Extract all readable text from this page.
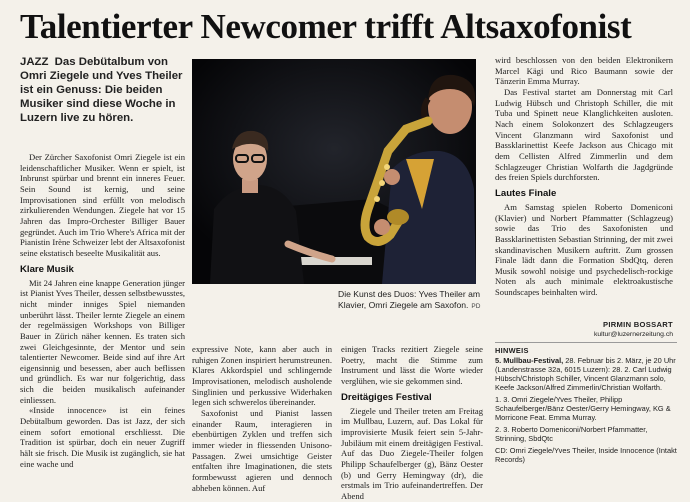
Talentierter Newcomer trifft Altsaxofonist
JAZZ Das Debütalbum von Omri Ziegele und Yves Theiler ist ein Genuss: Die beiden Musiker sind diese Woche in Luzern live zu hören.

Der Zürcher Saxofonist Omri Ziegele ist ein leidenschaftlicher Musiker. Wenn er spielt, ist Inbrunst spürbar und brennt ein inneres Feuer. Sein Sound ist kernig, und seine Improvisationen sind erfüllt von melodisch zirkulierenden Wendungen. Ziegele hat vor 15 Jahren das Impro-Orchester Billiger Bauer gegründet. Auch im Trio Where's Africa mit der Pianistin Irène Schweizer lebt der Altsaxofonist seine ekstatisch beseelte Musikalität aus.

Klare Musik

Mit 24 Jahren eine knappe Generation jünger ist Pianist Yves Theiler, dessen selbstbewusstes, nicht minder inniges Spiel niemanden unberührt lässt. Theiler lernte Ziegele an einem der regelmässigen Workshops von Billiger Bauer in Zürich näher kennen. Es traten sich zwei Gleichgesinnte, der Mentor und sein talentierter Newcomer. Beide sind auf ihre Art eigensinnig und besessen, aber auch beflissen und gründlich. Es war nur folgerichtig, dass sich die beiden musikalisch aufeinander einliessen.

«Inside innocence» ist ein feines Debütalbum geworden. Das ist Jazz, der sich einem sofort emotional erschliesst. Die Tradition ist spürbar, doch ein neuer Zugriff hält sie frisch. Die Musik ist zugänglich, sie hat eine wache und

Die Kunst des Duos: Yves Theiler am Klavier, Omri Ziegele am Saxofon. PD

expressive Note, kann aber auch in ruhigen Zonen inspiriert herumstreunen. Klares Akkordspiel und schlingernde Improvisationen, melodisch ausholende Singlinien und perkussive Widerhaken legen sich schwerelos übereinander.

Saxofonist und Pianist lassen einander Raum, interagieren in ebenbürtigen Zyklen und treffen sich immer wieder in fliessenden Unisono-Passagen. Zwei umsichtige Geister entfalten ihre Imaginationen, die stets formbewusst agieren und dennoch abheben können. Auf

einigen Tracks rezitiert Ziegele seine Poetry, macht die Stimme zum Instrument und lässt die Worte wieder verglühen, wie sie gekommen sind.

Dreitägiges Festival

Ziegele und Theiler treten am Freitag im Mullbau, Luzern, auf. Das Lokal für improvisierte Musik feiert sein 5-Jahr-Jubiläum mit einem dreitägigen Festival. Auf das Duo Ziegele-Theiler folgen Philipp Schaufelberger (g), Bänz Oester (b) und Gerry Hemingway (dr), die erstmals im Trio aufeinandertreffen. Der Abend

wird beschlossen von den beiden Elektronikern Marcel Kägi und Rico Baumann sowie der Tänzerin Emma Murray.

Das Festival startet am Donnerstag mit Carl Ludwig Hübsch und Christoph Schiller, die mit Tuba und Spinett neue Klanglichkeiten ausloten. Nach einem Solokonzert des Schlagzeugers Vincent Glanzmann wird Saxofonist und Bassklarinettist Keefe Jackson aus Chicago mit dem Cellisten Alfred Zimmerlin und dem Schlagzeuger Christian Wolfarth die Jagdgründe des freien Spiels durchforsten.

Lautes Finale

Am Samstag spielen Roberto Domeniconi (Klavier) und Norbert Pfammatter (Schlagzeug) sowie das Trio des Saxofonisten und Bassklarinettisten Sebastian Strinning, der mit zwei skandinavischen Musikern auftritt. Zum grossen Finale lädt dann die Formation SbdQtq, deren Musik sowohl noisige und psychedelisch-rockige Noten als auch minimale elektroakustische Soundscapes beinhalten wird.

PIRMIN BOSSART
kultur@luzernerzeitung.ch
HINWEIS

5. Mullbau-Festival, 28. Februar bis 2. März, je 20 Uhr (Landenstrasse 32a, 6015 Luzern): 28. 2. Carl Ludwig Hübsch/Christoph Schiller, Vincent Glanzmann solo, Keefe Jackson/Alfred Zimmerlin/Christian Wolfarth.

1. 3. Omri Ziegele/Yves Theiler, Philipp Schaufelberger/Bänz Oester/Gerry Hemingway, KG & Morricone Feat. Emma Murray.

2. 3. Roberto Domeniconi/Norbert Pfammatter, Strinning, SbdQtc

CD: Omri Ziegele/Yves Theiler, Inside Innocence (Intakt Records)
